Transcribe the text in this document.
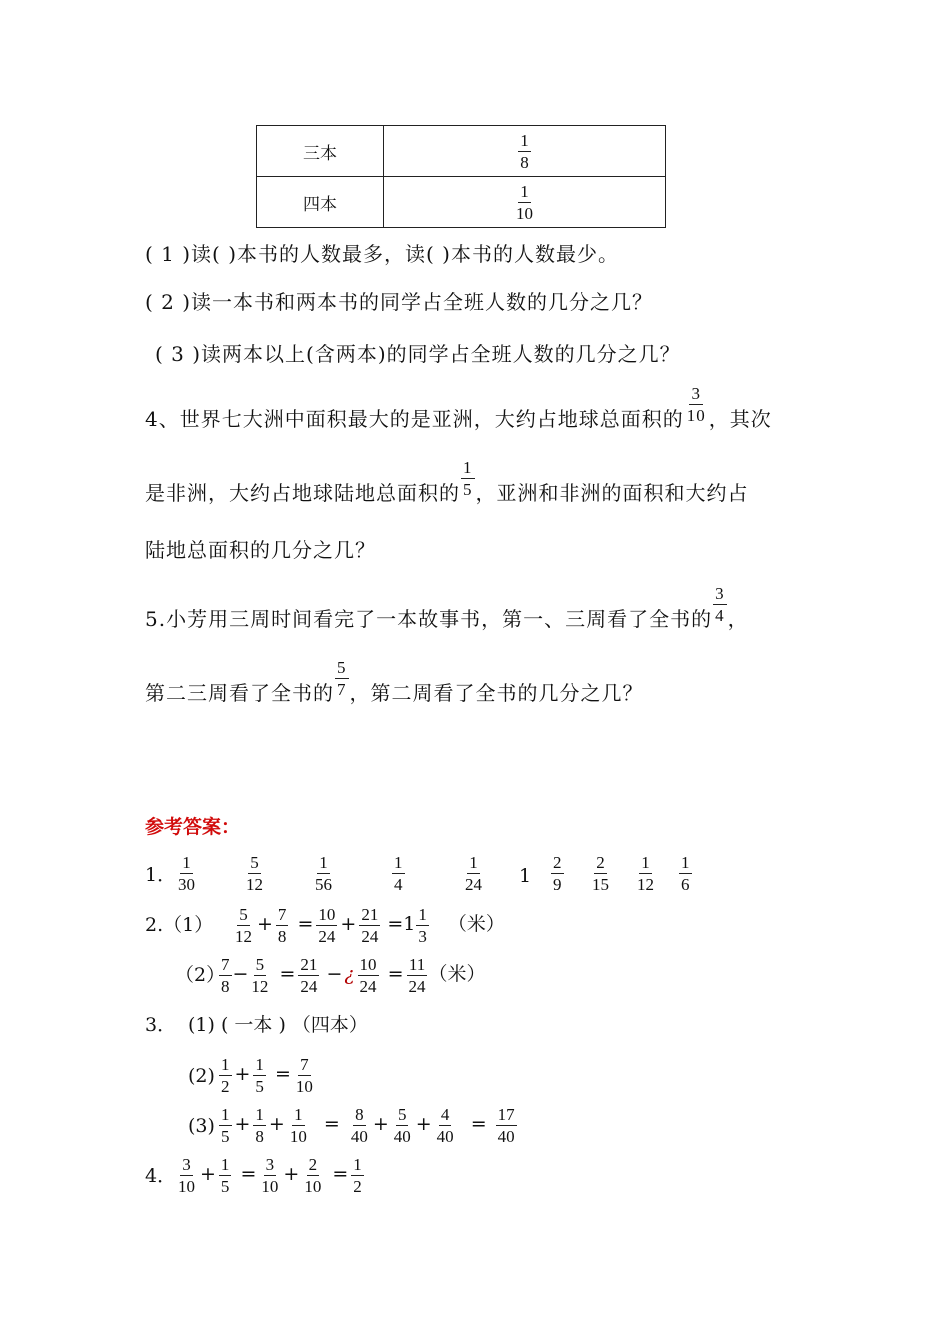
三本	$\frac{1}{8}$

四本	$\frac{1}{10}$
( 1 )读( )本书的人数最多，读( )本书的人数最少。
( 2 )读一本书和两本书的同学占全班人数的几分之几？
( 3 )读两本以上(含两本)的同学占全班人数的几分之几？
4、世界七大洲中面积最大的是亚洲，大约占地球总面积的 $\frac{3}{10}$ ，其次
是非洲，大约占地球陆地总面积的 $\frac{1}{5}$ ，亚洲和非洲的面积和大约占
陆地总面积的几分之几？
5.小芳用三周时间看完了一本故事书，第一、三周看了全书的 $\frac{3}{4}$ ，
第二三周看了全书的 $\frac{5}{7}$ ，第二周看了全书的几分之几？
参考答案：
1． $\frac{1}{30}$	$\frac{5}{12}$	$\frac{1}{56}$	$\frac{1}{4}$	$\frac{1}{24} 1 \frac{2}{9} \frac{2}{15} \frac{1}{12} \frac{1}{6}$
$2.(1) \frac{5}{12} + \frac{7}{8} = \frac{10}{24} + \frac{21}{24} =1 \frac{1}{3}$ （米）
（2）
$\frac{7}{8} - \frac{5}{12} = \frac{21}{24}$ − ¿ $\frac{10}{24} = \frac{11}{24}$ （米）
3． (1) ( 一本 ) （四本）
$(2) \frac{1}{2} + \frac{1}{5} = \frac{7}{10}$
$(3) \frac{1}{5} + \frac{1}{8} + \frac{1}{10} = \frac{8}{40} + \frac{5}{40} + \frac{4}{40} = \frac{17}{40}$
4． $\frac{3}{10} + \frac{1}{5} = \frac{3}{10} + \frac{2}{10} = \frac{1}{2}$
